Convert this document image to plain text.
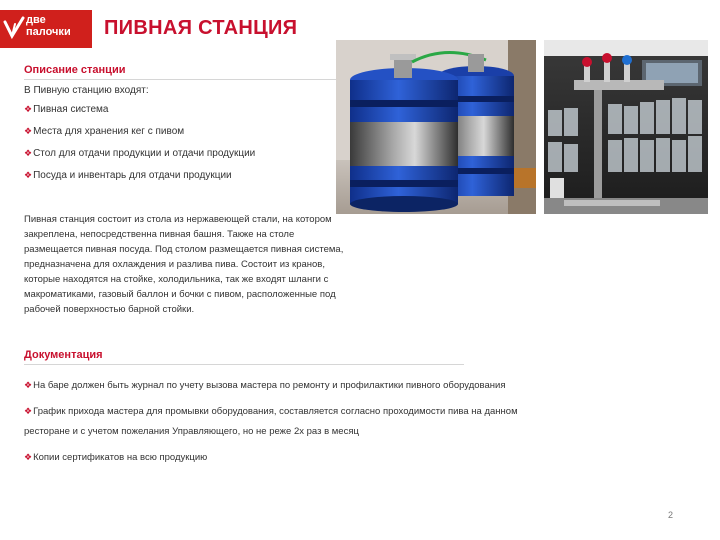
две
палочки ПИВНАЯ СТАНЦИЯ
Описание станции
В Пивную станцию входят:
❖Пивная система
❖Места для хранения кег с пивом
❖Стол для отдачи продукции и отдачи продукции
❖Посуда и инвентарь для отдачи продукции
Пивная станция состоит из стола из нержавеющей стали, на котором закреплена, непосредственна пивная башня. Также на столе размещается пивная посуда. Под столом размещается пивная система, предназначена для охлаждения и разлива пива. Состоит из кранов, которые находятся на стойке, холодильника, так же входят шланги с макроматиками, газовый баллон и бочки с пивом, расположенные под рабочей поверхностью барной стойки.
Документация

❖На баре должен быть журнал по учету вызова мастера по ремонту и профилактики пивного оборудования

❖График прихода мастера для промывки оборудования, составляется согласно проходимости пива на данном ресторане и с учетом пожелания Управляющего, но не реже 2х раз в месяц

❖Копии сертификатов на всю продукцию

2
